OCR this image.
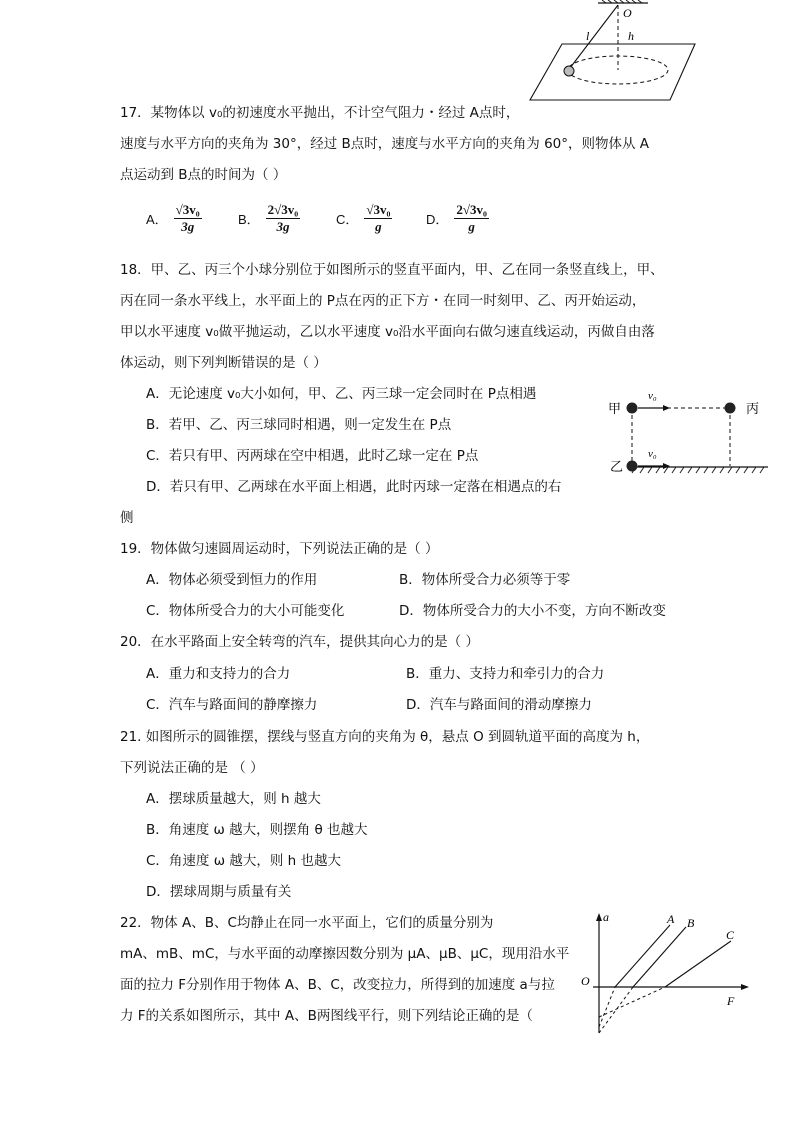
O
l	h
17．某物体以 v₀的初速度水平抛出，不计空气阻力・经过 A点时，
速度与水平方向的夹角为 30°，经过 B点时，速度与水平方向的夹角为 60°，则物体从 A
点运动到 B点的时间为（ ）
A． $\frac{\text{√3v₀}}{3g}$	B． $\frac{\text{2√3v₀}}{3g}$	C． $\frac{\text{√3v₀}}{g}$	D． $\frac{\text{2√3v₀}}{g}$
18．甲、乙、丙三个小球分别位于如图所示的竖直平面内，甲、乙在同一条竖直线上，甲、
丙在同一条水平线上，水平面上的 P点在丙的正下方・在同一时刻甲、乙、丙开始运动，
甲以水平速度 v₀做平抛运动，乙以水平速度 v₀沿水平面向右做匀速直线运动，丙做自由落
体运动，则下列判断错误的是（ ）
A．无论速度 v₀大小如何，甲、乙、丙三球一定会同时在 P点相遇
B．若甲、乙、丙三球同时相遇，则一定发生在 P点
C．若只有甲、丙两球在空中相遇，此时乙球一定在 P点
D．若只有甲、乙两球在水平面上相遇，此时丙球一定落在相遇点的右
侧
甲	丙
乙
v₀
v₀
19．物体做匀速圆周运动时，下列说法正确的是（ ）
A．物体必须受到恒力的作用	B．物体所受合力必须等于零
C．物体所受合力的大小可能变化	D．物体所受合力的大小不变，方向不断改变
20．在水平路面上安全转弯的汽车，提供其向心力的是（ ）
A．重力和支持力的合力	B．重力、支持力和牵引力的合力
C．汽车与路面间的静摩擦力	D．汽车与路面间的滑动摩擦力
21. 如图所示的圆锥摆，摆线与竖直方向的夹角为 θ，悬点 O 到圆轨道平面的高度为 h，
下列说法正确的是 （ ）
A．摆球质量越大，则 h 越大
B．角速度 ω 越大，则摆角 θ 也越大
C．角速度 ω 越大，则 h 也越大
D．摆球周期与质量有关
22．物体 A、B、C均静止在同一水平面上，它们的质量分别为
mA、mB、mC，与水平面的动摩擦因数分别为 μA、μB、μC，现用沿水平
面的拉力 F分别作用于物体 A、B、C，改变拉力，所得到的加速度 a与拉
力 F的关系如图所示，其中 A、B两图线平行，则下列结论正确的是（
a
F
O
A B
C
